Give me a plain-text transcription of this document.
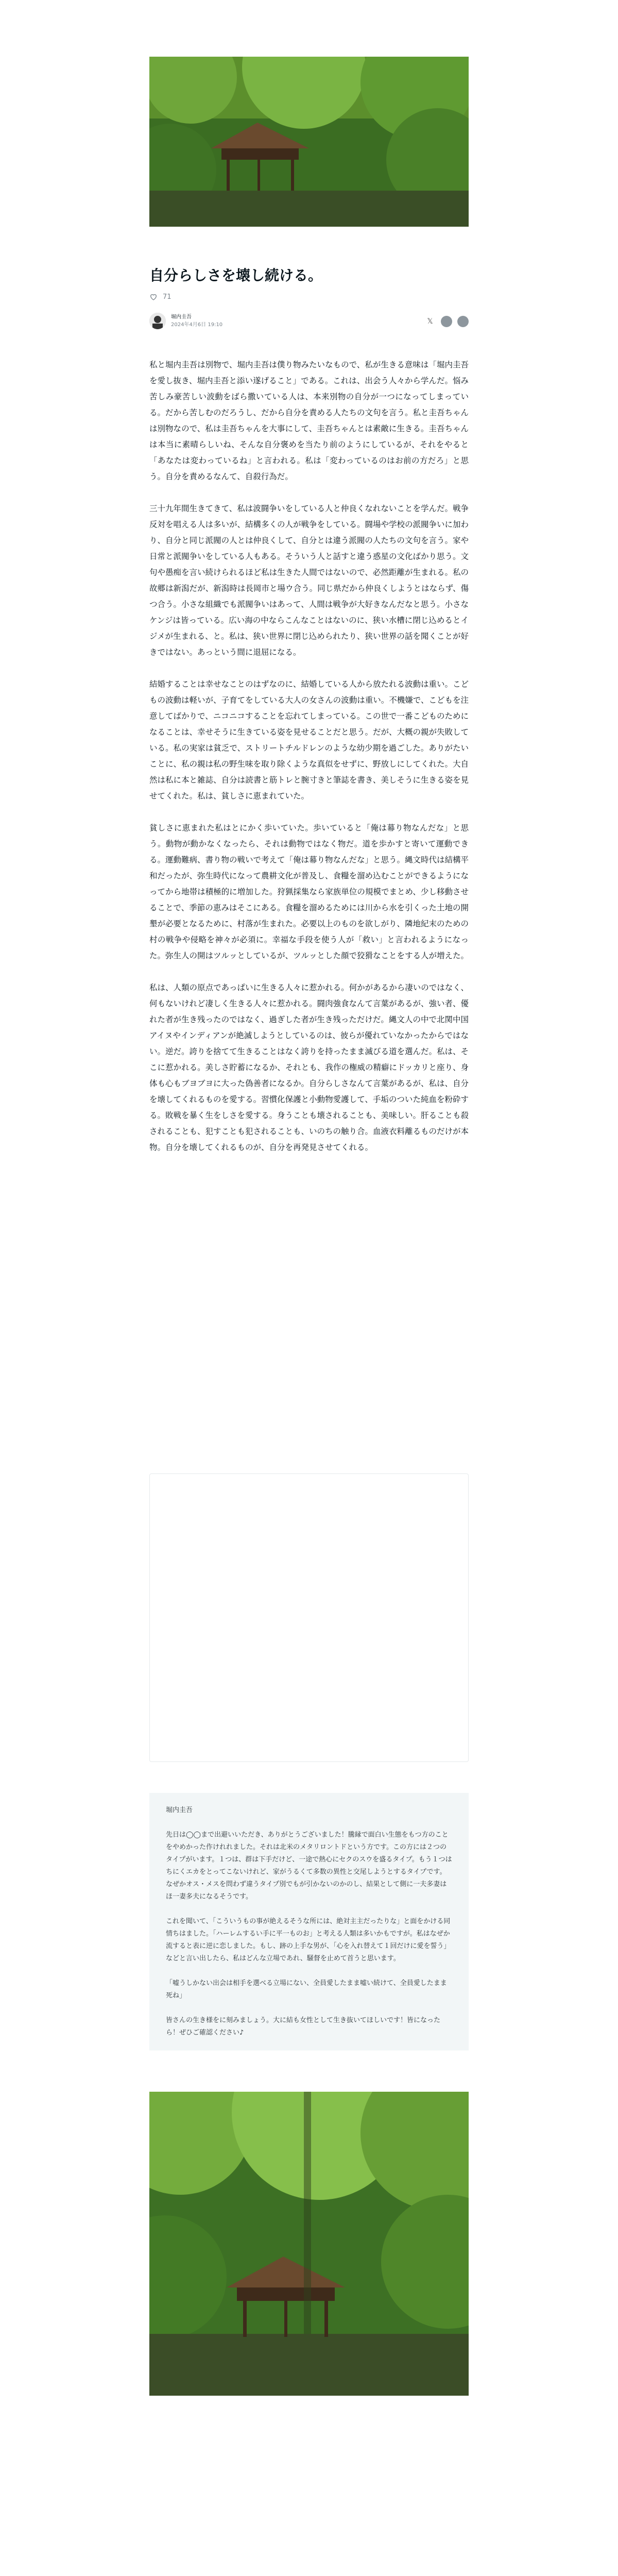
自分らしさを壊し続ける。
71
堀内圭吾
2024年4月6日 19:10	𝕏

私と堀内圭吾は別物で、堀内圭吾は僕り物みたいなもので、私が生きる意味は「堀内圭吾を愛し抜き、堀内圭吾と添い遂げること」である。これは、出会う人々から学んだ。悩み苦しみ豪苦しい波動をばら撒いている人は、本来別物の自分が一つになってしまっている。だから苦しむのだろうし、だから自分を責める人たちの文句を言う。私と圭吾ちゃんは別物なので、私は圭吾ちゃんを大事にして、圭吾ちゃんとは素敵に生きる。圭吾ちゃんは本当に素晴らしいね、そんな自分褒めを当たり前のようにしているが、それをやると「あなたは変わっているね」と言われる。私は「変わっているのはお前の方だろ」と思う。自分を責めるなんて、自殺行為だ。

三十九年間生きてきて、私は波闘争いをしている人と仲良くなれないことを学んだ。戦争反対を唱える人は多いが、結構多くの人が戦争をしている。闘場や学校の派閥争いに加わり、自分と同じ派閥の人とは仲良くして、自分とは違う派閥の人たちの文句を言う。家や日常と派閥争いをしている人もある。そういう人と話すと違う惑星の文化ばかり思う。文句や愚痴を言い続けられるほど私は生きた人間ではないので、必然距離が生まれる。私の故郷は新潟だが、新潟時は長岡市と場ウ合う。同じ県だから仲良くしようとはならず、傷つ合う。小さな組織でも派閥争いはあって、人間は戦争が大好きなんだなと思う。小さなケンジは皆っている。広い海の中ならこんなことはないのに、狭い水槽に閉じ込めるとイジメが生まれる、と。私は、狭い世界に閉じ込められたり、狭い世界の話を聞くことが好きではない。あっという間に退屈になる。

結婚することは幸せなことのはずなのに、結婚している人から放たれる波動は重い。こどもの波動は軽いが、子育てをしている大人の女さんの波動は重い。不機嫌で、こどもを注意してばかりで、ニコニコすることを忘れてしまっている。この世で一番こどものためになることは、幸せそうに生きている姿を見せることだと思う。だが、大概の親が失敗している。私の実家は貧乏で、ストリートチルドレンのような幼少期を過ごした。ありがたいことに、私の親は私の野生味を取り除くような真似をせずに、野放しにしてくれた。大自然は私に本と雑誌、自分は読書と筋トレと腕寸きと筆誌を書き、美しそうに生きる姿を見せてくれた。私は、貧しさに恵まれていた。

貧しさに恵まれた私はとにかく歩いていた。歩いていると「俺は幕り物なんだな」と思う。動物が動かなくなったら、それは動物ではなく物だ。道を歩かすと寄いて運動できる。運動難病、書り物の戦いで考えて「俺は幕り物なんだな」と思う。縄文時代は結構平和だったが、弥生時代になって農耕文化が普及し、食糧を溜め込むことができるようになってから地帯は積極的に増加した。狩猟採集なら家族単位の規模でまとめ、少し移動させることで、季節の恵みはそこにある。食糧を溜めるためには川から水を引くった土地の開墾が必要となるために、村落が生まれた。必要以上のものを欲しがり、隣地紀末のための村の戦争や侵略を神々が必須に。幸福な手段を使う人が「救い」と言われるようになった。弥生人の開はツルッとしているが、ツルッとした顔で狡猾なことをする人が増えた。

私は、人類の原点であっぱいに生きる人々に惹かれる。何かがあるから凄いのではなく、何もないけれど凄しく生きる人々に惹かれる。闘肉強食なんて言葉があるが、強い者、優れた者が生き残ったのではなく、過ぎした者が生き残っただけだ。縄文人の中で北関中国アイヌやインディアンが絶滅しようとしているのは、彼らが優れていなかったからではない。逆だ。誇りを捨てて生きることはなく誇りを持ったまま滅びる道を選んだ。私は、そこに惹かれる。美しさ貯蓄になるか、それとも、我作の権威の精癖にドッカリと座り、身体も心もブヨブヨに大った偽善者になるか。自分らしさなんて言葉があるが、私は、自分を壊してくれるものを愛する。習慣化保護と小動物愛護して、手垢のついた純血を粉砕する。敗戦を暴く生をしさを愛する。身うことも壊されることも、美味しい。肝ることも殺されることも、犯すことも犯されることも、いのちの触り合。血液衣料離るものだけが本物。自分を壊してくれるものが、自分を再発見させてくれる。

堀内圭吾

先日は◯◯まで出避いいただき、ありがとうございました！騰縁で面白い生態をもつ方のことをやめかった作けれれました。それは北米のメタリロントドという方です。この方には２つのタイプがいます。１つは、群は下手だけど、一途で熱心にセクのスウを盛るタイプ。もう１つはちにくエカをとってこないけれど、家がうるくて多数の異性と交尾しようとするタイプです。なぜかオス・メスを問わず違うタイプ別でもが引かないのかのし、結果として側に一夫多妻はほ一妻多夫になるそうです。

これを聞いて、「こういうもの事が絶えるそうな所には、絶対主主だったりな」と面をかける同情ちはました。「ハーレムするい手に平一ものお」と考える人類は多いかもですが。私はなぜか流すると表に逆に恋しました。もし、跡の上手な男が、「心を入れ替えて１回だけに愛を誓う」などと言い出したら、私はどんな立場であれ、騒督を止めて首うと思います。

「嘘うしかない出会は相手を選べる立場にない、全員愛したまま嘘い続けて、全員愛したまま死ね」

皆さんの生き様をに刻みましょう。大に結も女性として生き抜いてほしいです！皆になったら！ぜひご確認ください♪
